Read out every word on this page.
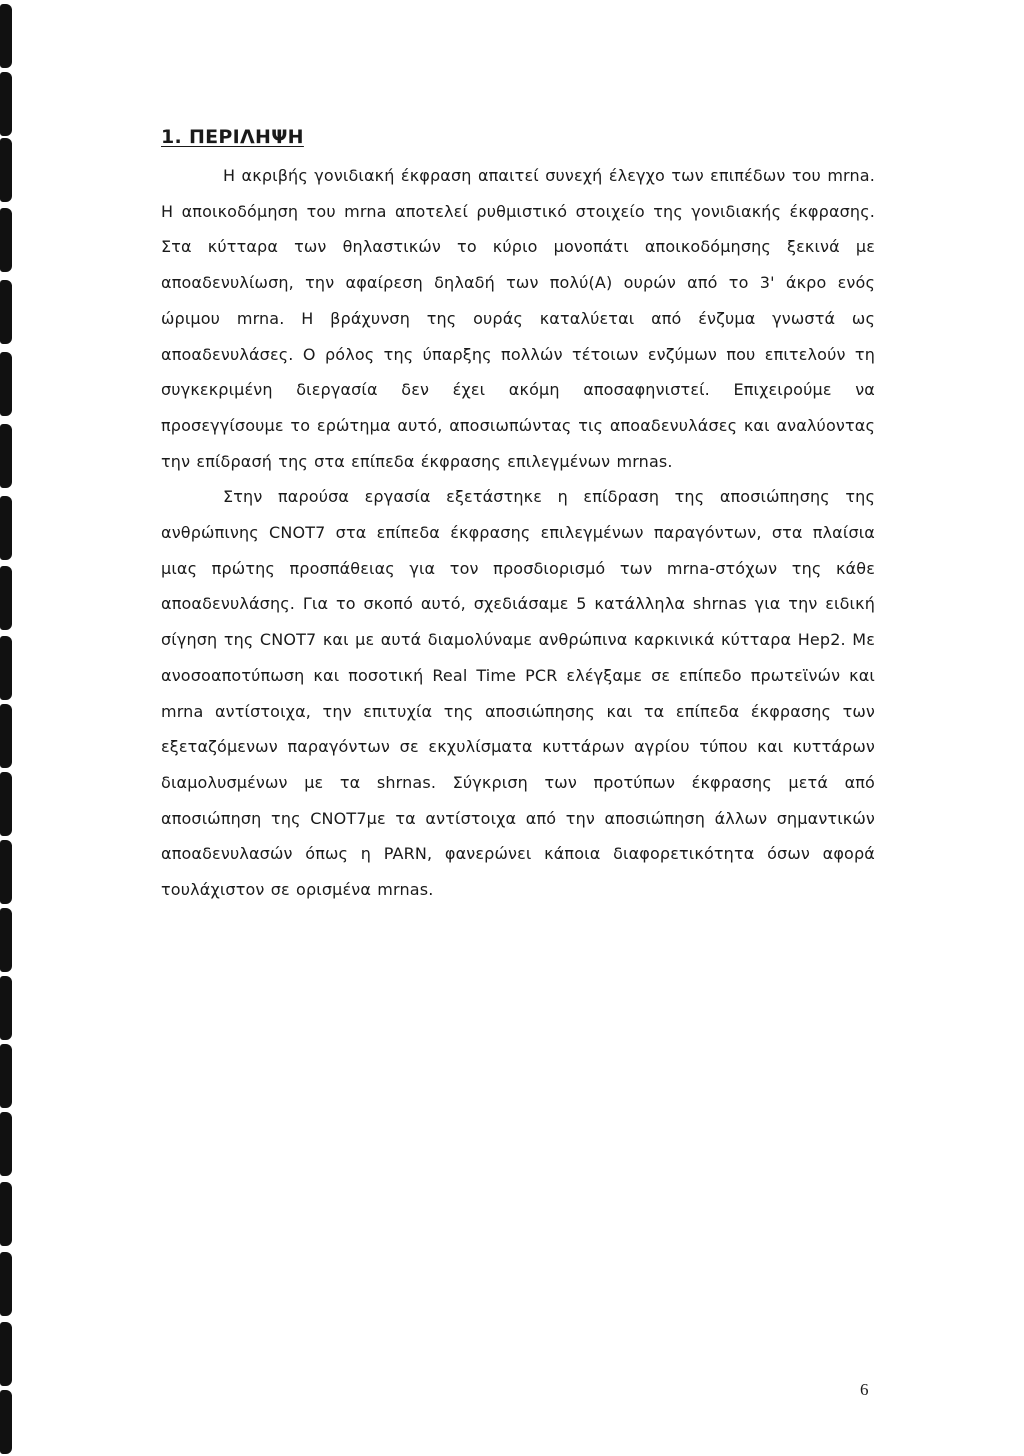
1. ΠΕΡΙΛΗΨΗ

Η ακριβής γονιδιακή έκφραση απαιτεί συνεχή έλεγχο των επιπέδων του mrna. Η αποικοδόμηση του mrna αποτελεί ρυθμιστικό στοιχείο της γονιδιακής έκφρασης. Στα κύτταρα των θηλαστικών το κύριο μονοπάτι αποικοδόμησης ξεκινά με αποαδενυλίωση, την αφαίρεση δηλαδή των πολύ(Α) ουρών από το 3' άκρο ενός ώριμου mrna. Η βράχυνση της ουράς καταλύεται από ένζυμα γνωστά ως αποαδενυλάσες. Ο ρόλος της ύπαρξης πολλών τέτοιων ενζύμων που επιτελούν τη συγκεκριμένη διεργασία δεν έχει ακόμη αποσαφηνιστεί. Επιχειρούμε να προσεγγίσουμε το ερώτημα αυτό, αποσιωπώντας τις αποαδενυλάσες και αναλύοντας την επίδρασή της στα επίπεδα έκφρασης επιλεγμένων mrnas.

Στην παρούσα εργασία εξετάστηκε η επίδραση της αποσιώπησης της ανθρώπινης CNOT7 στα επίπεδα έκφρασης επιλεγμένων παραγόντων, στα πλαίσια μιας πρώτης προσπάθειας για τον προσδιορισμό των mrna-στόχων της κάθε αποαδενυλάσης. Για το σκοπό αυτό, σχεδιάσαμε 5 κατάλληλα shrnas για την ειδική σίγηση της CNOT7 και με αυτά διαμολύναμε ανθρώπινα καρκινικά κύτταρα Hep2. Με ανοσοαποτύπωση και ποσοτική Real Time PCR ελέγξαμε σε επίπεδο πρωτεϊνών και mrna αντίστοιχα, την επιτυχία της αποσιώπησης και τα επίπεδα έκφρασης των εξεταζόμενων παραγόντων σε εκχυλίσματα κυττάρων αγρίου τύπου και κυττάρων διαμολυσμένων με τα shrnas. Σύγκριση των προτύπων έκφρασης μετά από αποσιώπηση της CNOT7με τα αντίστοιχα από την αποσιώπηση άλλων σημαντικών αποαδενυλασών όπως η PARN, φανερώνει κάποια διαφορετικότητα όσων αφορά τουλάχιστον σε ορισμένα mrnas.

6
